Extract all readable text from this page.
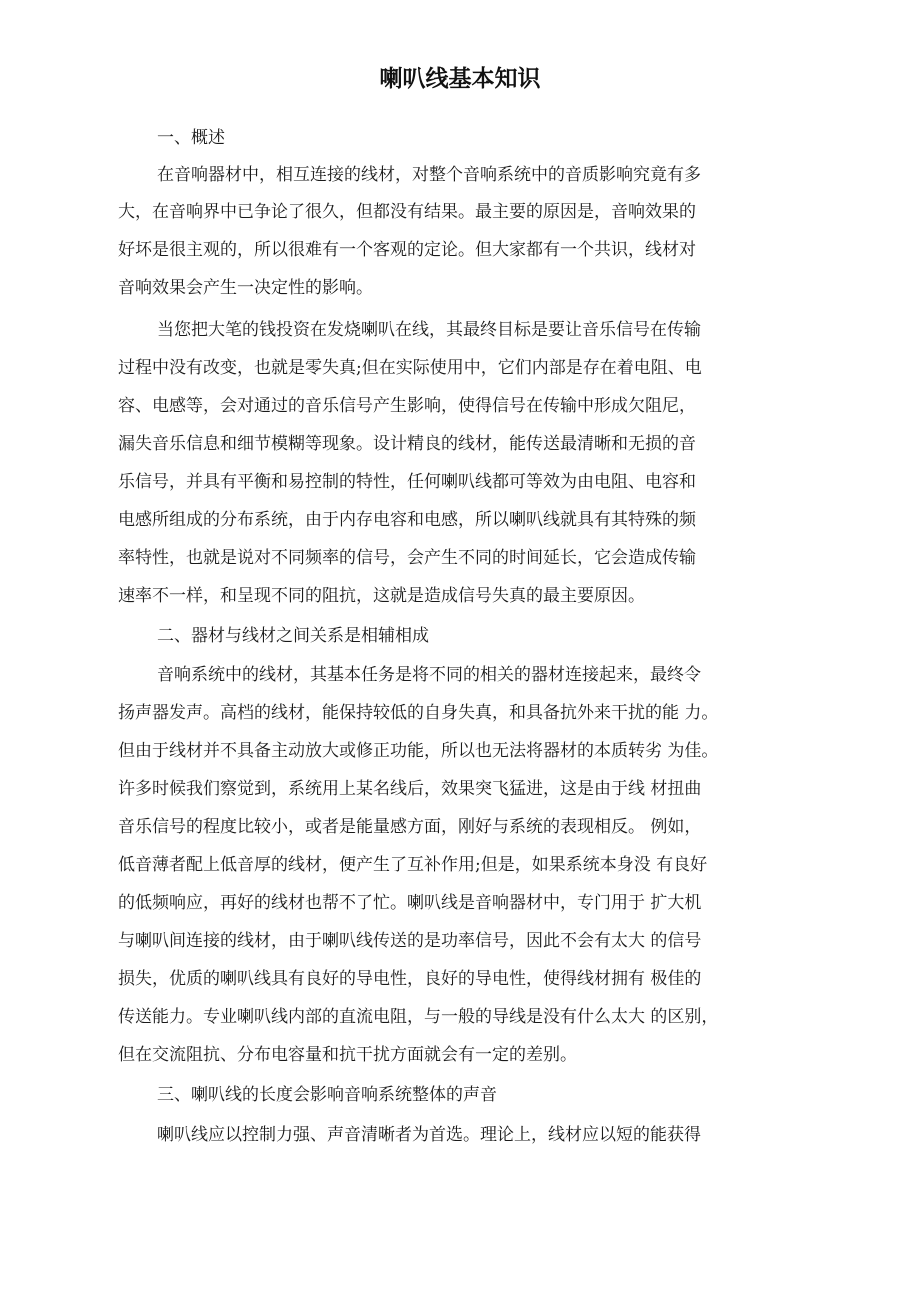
喇叭线基本知识
一、概述
在音响器材中，相互连接的线材，对整个音响系统中的音质影响究竟有多
大，在音响界中已争论了很久，但都没有结果。最主要的原因是，音响效果的
好坏是很主观的，所以很难有一个客观的定论。但大家都有一个共识，线材对
音响效果会产生一决定性的影响。
当您把大笔的钱投资在发烧喇叭在线，其最终目标是要让音乐信号在传输
过程中没有改变，也就是零失真;但在实际使用中，它们内部是存在着电阻、电
容、电感等，会对通过的音乐信号产生影响，使得信号在传输中形成欠阻尼，
漏失音乐信息和细节模糊等现象。设计精良的线材，能传送最清晰和无损的音
乐信号，并具有平衡和易控制的特性，任何喇叭线都可等效为由电阻、电容和
电感所组成的分布系统，由于内存电容和电感，所以喇叭线就具有其特殊的频
率特性，也就是说对不同频率的信号，会产生不同的时间延长，它会造成传输
速率不一样，和呈现不同的阻抗，这就是造成信号失真的最主要原因。
二、器材与线材之间关系是相辅相成
音响系统中的线材，其基本任务是将不同的相关的器材连接起来，最终令
扬声器发声。高档的线材，能保持较低的自身失真，和具备抗外来干扰的能 力。
但由于线材并不具备主动放大或修正功能，所以也无法将器材的本质转劣 为佳。
许多时候我们察觉到，系统用上某名线后，效果突飞猛进，这是由于线 材扭曲
音乐信号的程度比较小，或者是能量感方面，刚好与系统的表现相反。 例如，
低音薄者配上低音厚的线材，便产生了互补作用;但是，如果系统本身没 有良好
的低频响应，再好的线材也帮不了忙。喇叭线是音响器材中，专门用于 扩大机
与喇叭间连接的线材，由于喇叭线传送的是功率信号，因此不会有太大 的信号
损失，优质的喇叭线具有良好的导电性，良好的导电性，使得线材拥有 极佳的
传送能力。专业喇叭线内部的直流电阻，与一般的导线是没有什么太大 的区别，
但在交流阻抗、分布电容量和抗干扰方面就会有一定的差别。
三、喇叭线的长度会影响音响系统整体的声音
喇叭线应以控制力强、声音清晰者为首选。理论上，线材应以短的能获得
